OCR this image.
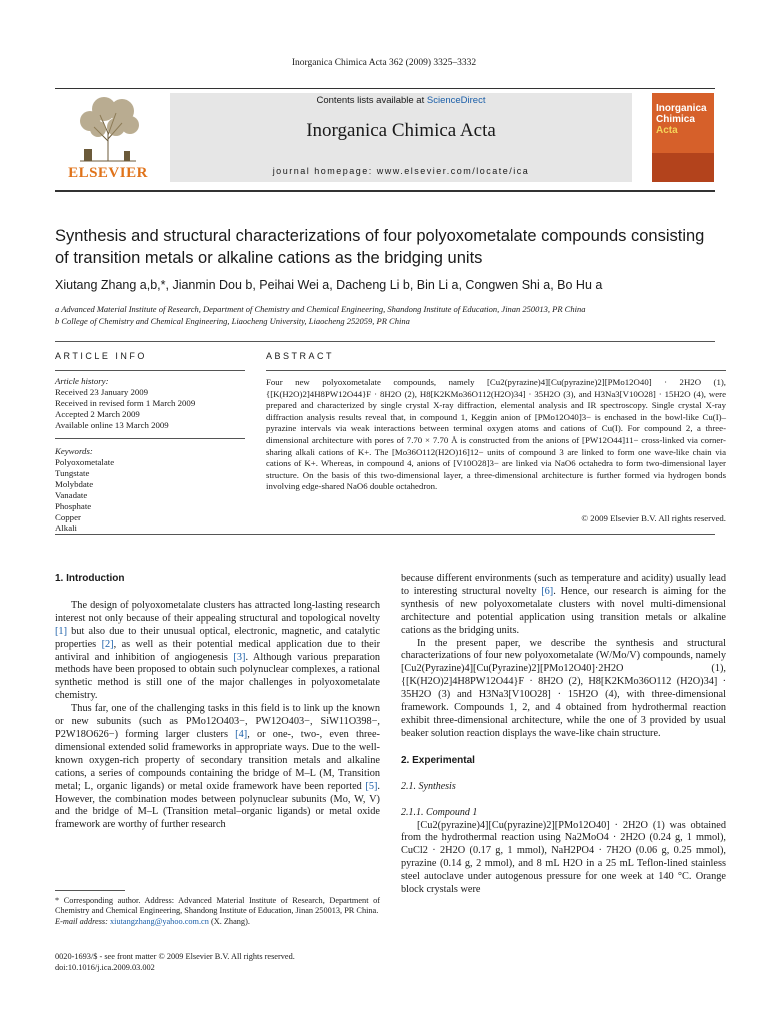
Inorganica Chimica Acta 362 (2009) 3325–3332
ELSEVIER
Contents lists available at ScienceDirect
Inorganica Chimica Acta
journal homepage: www.elsevier.com/locate/ica
Inorganica
Chimica
Acta
Synthesis and structural characterizations of four polyoxometalate compounds consisting of transition metals or alkaline cations as the bridging units
Xiutang Zhang a,b,*, Jianmin Dou b, Peihai Wei a, Dacheng Li b, Bin Li a, Congwen Shi a, Bo Hu a
a Advanced Material Institute of Research, Department of Chemistry and Chemical Engineering, Shandong Institute of Education, Jinan 250013, PR China
b College of Chemistry and Chemical Engineering, Liaocheng University, Liaocheng 252059, PR China
ARTICLE INFO	ABSTRACT
Article history:
Received 23 January 2009
Received in revised form 1 March 2009
Accepted 2 March 2009
Available online 13 March 2009
Keywords:
Polyoxometalate
Tungstate
Molybdate
Vanadate
Phosphate
Copper
Alkali
Four new polyoxometalate compounds, namely [Cu2(pyrazine)4][Cu(pyrazine)2][PMo12O40] · 2H2O (1), {[K(H2O)2]4H8PW12O44}F · 8H2O (2), H8[K2KMo36O112(H2O)34] · 35H2O (3), and H3Na3[V10O28] · 15H2O (4), were prepared and characterized by single crystal X-ray diffraction, elemental analysis and IR spectroscopy. Single crystal X-ray diffraction analysis results reveal that, in compound 1, Keggin anion of [PMo12O40]3− is enchased in the bowl-like Cu(I)–pyrazine intervals via weak interactions between terminal oxygen atoms and cations of Cu(I). For compound 2, a three-dimensional architecture with pores of 7.70 × 7.70 Å is constructed from the anions of [PW12O44]11− cross-linked via corner-sharing alkali cations of K+. The [Mo36O112(H2O)16]12− units of compound 3 are linked to form one wave-like chain via cations of K+. Whereas, in compound 4, anions of [V10O28]3− are linked via NaO6 octahedra to form two-dimensional layer structure. On the basis of this two-dimensional layer, a three-dimensional architecture is further formed via hydrogen bonds involving edge-shared NaO6 double octahedron.
© 2009 Elsevier B.V. All rights reserved.
1. Introduction

The design of polyoxometalate clusters has attracted long-lasting research interest not only because of their appealing structural and topological novelty [1] but also due to their unusual optical, electronic, magnetic, and catalytic properties [2], as well as their potential medical application due to their antiviral and inhibition of angiogenesis [3]. Although various preparation methods have been proposed to obtain such polynuclear complexes, a rational synthetic method is still one of the major challenges in polyoxometalate chemistry.

Thus far, one of the challenging tasks in this field is to link up the known or new subunits (such as PMo12O403−, PW12O403−, SiW11O398−, P2W18O626−) forming larger clusters [4], or one-, two-, even three-dimensional extended solid frameworks in appropriate ways. Due to the well-known oxygen-rich property of secondary transition metals and alkaline cations, a series of compounds containing the bridge of M–L (M, Transition metal; L, organic ligands) or metal oxide framework have been reported [5]. However, the combination modes between polynuclear subunits (Mo, W, V) and the bridge of M–L (Transition metal–organic ligands) or metal oxide framework are worthy of further research

because different environments (such as temperature and acidity) usually lead to interesting structural novelty [6]. Hence, our research is aiming for the synthesis of new polyoxometalate clusters with novel multi-dimensional architecture and potential application using transition metals or alkaline cations as the bridging units.

In the present paper, we describe the synthesis and structural characterizations of four new polyoxometalate (W/Mo/V) compounds, namely [Cu2(Pyrazine)4][Cu(Pyrazine)2][PMo12O40]·2H2O (1), {[K(H2O)2]4H8PW12O44}F · 8H2O (2), H8[K2KMo36O112 (H2O)34] · 35H2O (3) and H3Na3[V10O28] · 15H2O (4), with three-dimensional framework. Compounds 1, 2, and 4 obtained from hydrothermal reaction exhibit three-dimensional architecture, while the one of 3 provided by usual beaker solution reaction displays the wave-like chain structure.

2. Experimental
2.1. Synthesis
2.1.1. Compound 1

[Cu2(pyrazine)4][Cu(pyrazine)2][PMo12O40] · 2H2O (1) was obtained from the hydrothermal reaction using Na2MoO4 · 2H2O (0.24 g, 1 mmol), CuCl2 · 2H2O (0.17 g, 1 mmol), NaH2PO4 · 7H2O (0.06 g, 0.25 mmol), pyrazine (0.14 g, 2 mmol), and 8 mL H2O in a 25 mL Teflon-lined stainless steel autoclave under autogenous pressure for one week at 140 °C. Orange block crystals were

* Corresponding author. Address: Advanced Material Institute of Research, Department of Chemistry and Chemical Engineering, Shandong Institute of Education, Jinan 250013, PR China.
E-mail address: xiutangzhang@yahoo.com.cn (X. Zhang).
0020-1693/$ - see front matter © 2009 Elsevier B.V. All rights reserved.
doi:10.1016/j.ica.2009.03.002
